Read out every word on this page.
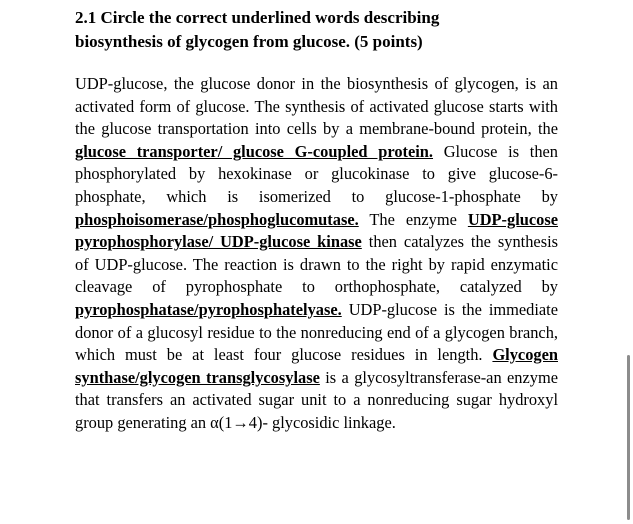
2.1 Circle the correct underlined words describing
biosynthesis of glycogen from glucose. (5 points)
UDP-glucose, the glucose donor in the biosynthesis of glycogen, is an activated form of glucose. The synthesis of activated glucose starts with the glucose transportation into cells by a membrane-bound protein, the glucose transporter/ glucose G-coupled protein. Glucose is then phosphorylated by hexokinase or glucokinase to give glucose-6-phosphate, which is isomerized to glucose-1-phosphate by phosphoisomerase/phosphoglucomutase. The enzyme UDP-glucose pyrophosphorylase/ UDP-glucose kinase then catalyzes the synthesis of UDP-glucose. The reaction is drawn to the right by rapid enzymatic cleavage of pyrophosphate to orthophosphate, catalyzed by pyrophosphatase/pyrophosphatelyase. UDP-glucose is the immediate donor of a glucosyl residue to the nonreducing end of a glycogen branch, which must be at least four glucose residues in length. Glycogen synthase/glycogen transglycosylase is a glycosyltransferase-an enzyme that transfers an activated sugar unit to a nonreducing sugar hydroxyl group generating an α(1→4)- glycosidic linkage.
